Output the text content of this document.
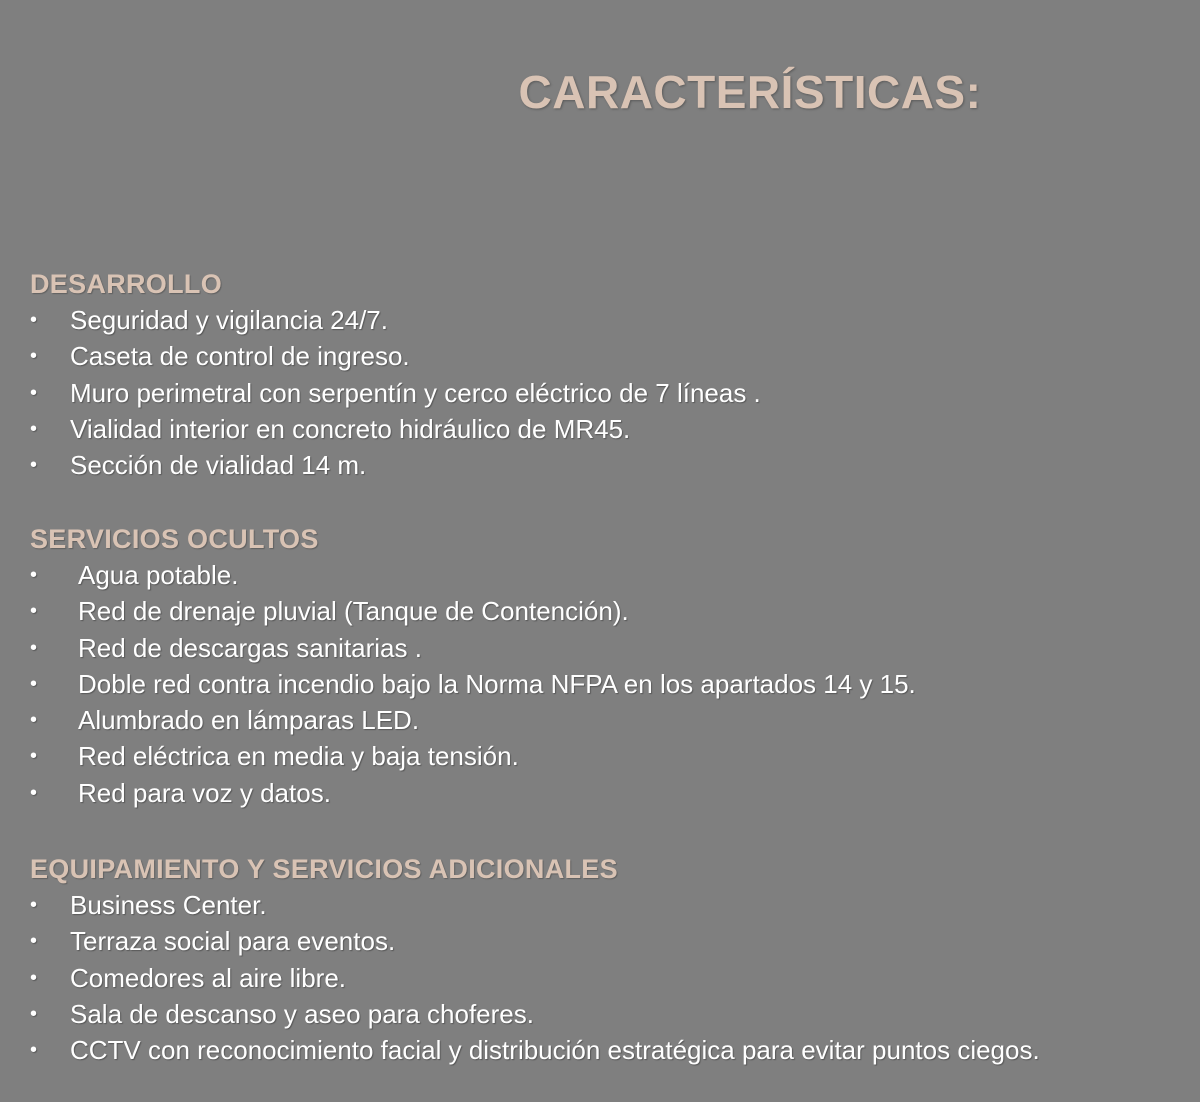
CARACTERÍSTICAS:
DESARROLLO
•	Seguridad y vigilancia 24/7.
•	Caseta de control de ingreso.
•	Muro perimetral con serpentín y cerco eléctrico de 7 líneas .
•	Vialidad interior en concreto hidráulico de MR45.
•	Sección de vialidad 14 m.
SERVICIOS OCULTOS
•	Agua potable.
•	Red de drenaje pluvial (Tanque de Contención).
•	Red de descargas sanitarias .
•	Doble red contra incendio bajo la Norma NFPA en los apartados 14 y 15.
•	Alumbrado en lámparas LED.
•	Red eléctrica en media y baja tensión.
•	Red para voz y datos.
EQUIPAMIENTO Y SERVICIOS ADICIONALES
•	Business Center.
•	Terraza social para eventos.
•	Comedores al aire libre.
•	Sala de descanso y aseo para choferes.
•	CCTV con reconocimiento facial y distribución estratégica para evitar puntos ciegos.
